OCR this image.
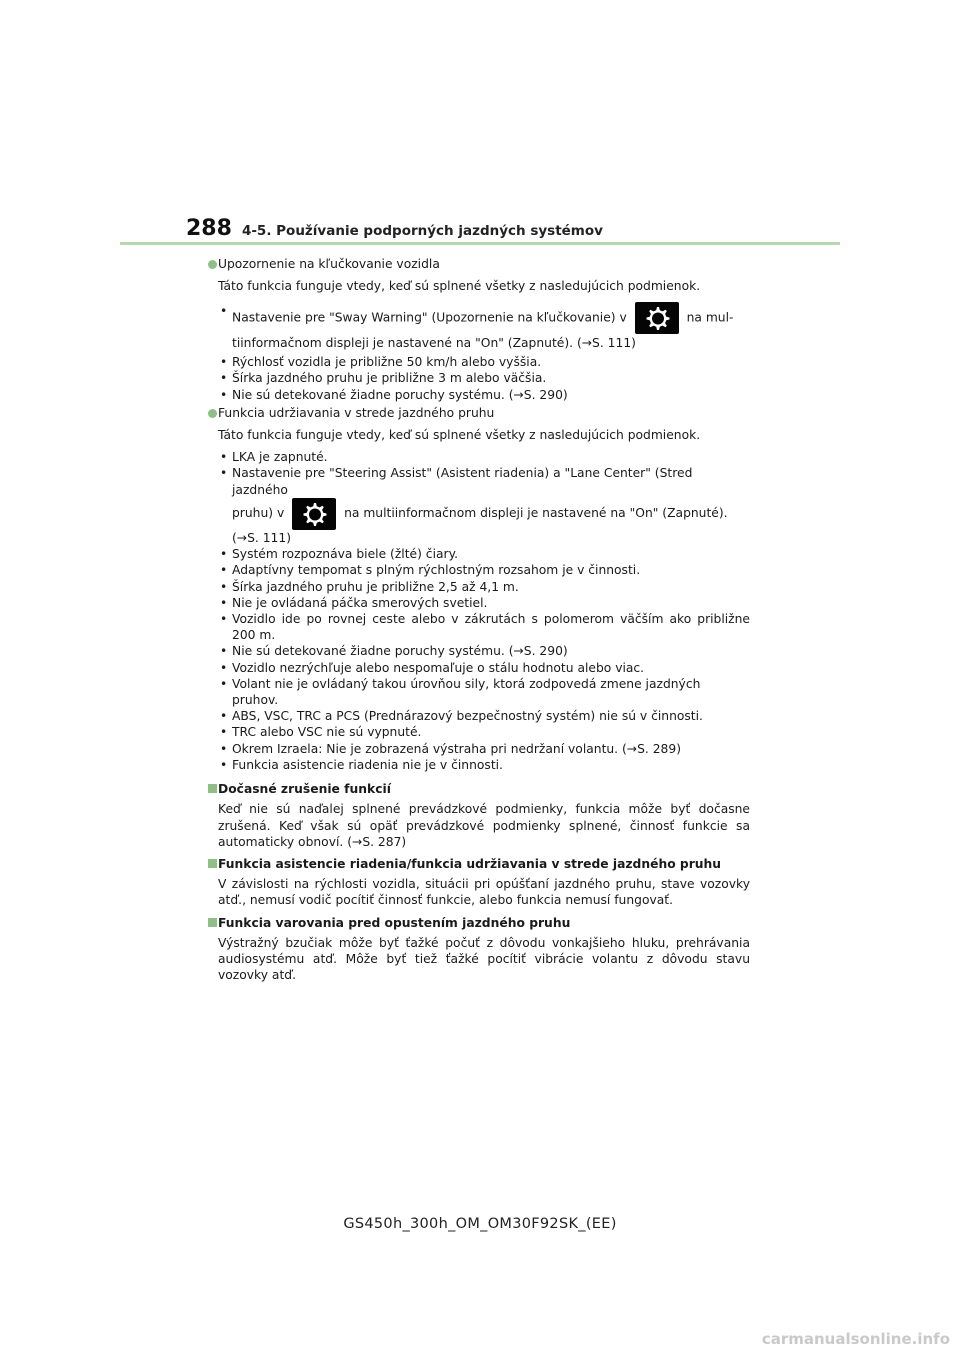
288 4-5. Používanie podporných jazdných systémov
Upozornenie na kľučkovanie vozidla
Táto funkcia funguje vtedy, keď sú splnené všetky z nasledujúcich podmienok.
• Nastavenie pre "Sway Warning" (Upozornenie na kľučkovanie) v	na mul-
tiinformačnom displeji je nastavené na "On" (Zapnuté). (→S. 111)
• Rýchlosť vozidla je približne 50 km/h alebo vyššia.
• Šírka jazdného pruhu je približne 3 m alebo väčšia.
• Nie sú detekované žiadne poruchy systému. (→S. 290)
Funkcia udržiavania v strede jazdného pruhu
Táto funkcia funguje vtedy, keď sú splnené všetky z nasledujúcich podmienok.
• LKA je zapnuté.
• Nastavenie pre "Steering Assist" (Asistent riadenia) a "Lane Center" (Stred jazdného
pruhu) v	na multiinformačnom displeji je nastavené na "On" (Zapnuté).
(→S. 111)
• Systém rozpoznáva biele (žlté) čiary.
• Adaptívny tempomat s plným rýchlostným rozsahom je v činnosti.
• Šírka jazdného pruhu je približne 2,5 až 4,1 m.
• Nie je ovládaná páčka smerových svetiel.
• Vozidlo ide po rovnej ceste alebo v zákrutách s polomerom väčším ako približne 200 m.
• Nie sú detekované žiadne poruchy systému. (→S. 290)
• Vozidlo nezrýchľuje alebo nespomaľuje o stálu hodnotu alebo viac.
• Volant nie je ovládaný takou úrovňou sily, ktorá zodpovedá zmene jazdných pruhov.
• ABS, VSC, TRC a PCS (Prednárazový bezpečnostný systém) nie sú v činnosti.
• TRC alebo VSC nie sú vypnuté.
• Okrem Izraela: Nie je zobrazená výstraha pri nedržaní volantu. (→S. 289)
• Funkcia asistencie riadenia nie je v činnosti.
Dočasné zrušenie funkcií
Keď nie sú naďalej splnené prevádzkové podmienky, funkcia môže byť dočasne zrušená. Keď však sú opäť prevádzkové podmienky splnené, činnosť funkcie sa automaticky obnoví. (→S. 287)
Funkcia asistencie riadenia/funkcia udržiavania v strede jazdného pruhu
V závislosti na rýchlosti vozidla, situácii pri opúšťaní jazdného pruhu, stave vozovky atď., nemusí vodič pocítiť činnosť funkcie, alebo funkcia nemusí fungovať.
Funkcia varovania pred opustením jazdného pruhu
Výstražný bzučiak môže byť ťažké počuť z dôvodu vonkajšieho hluku, prehrávania audiosystému atď. Môže byť tiež ťažké pocítiť vibrácie volantu z dôvodu stavu vozovky atď.
GS450h_300h_OM_OM30F92SK_(EE)
carmanualsonline.info
